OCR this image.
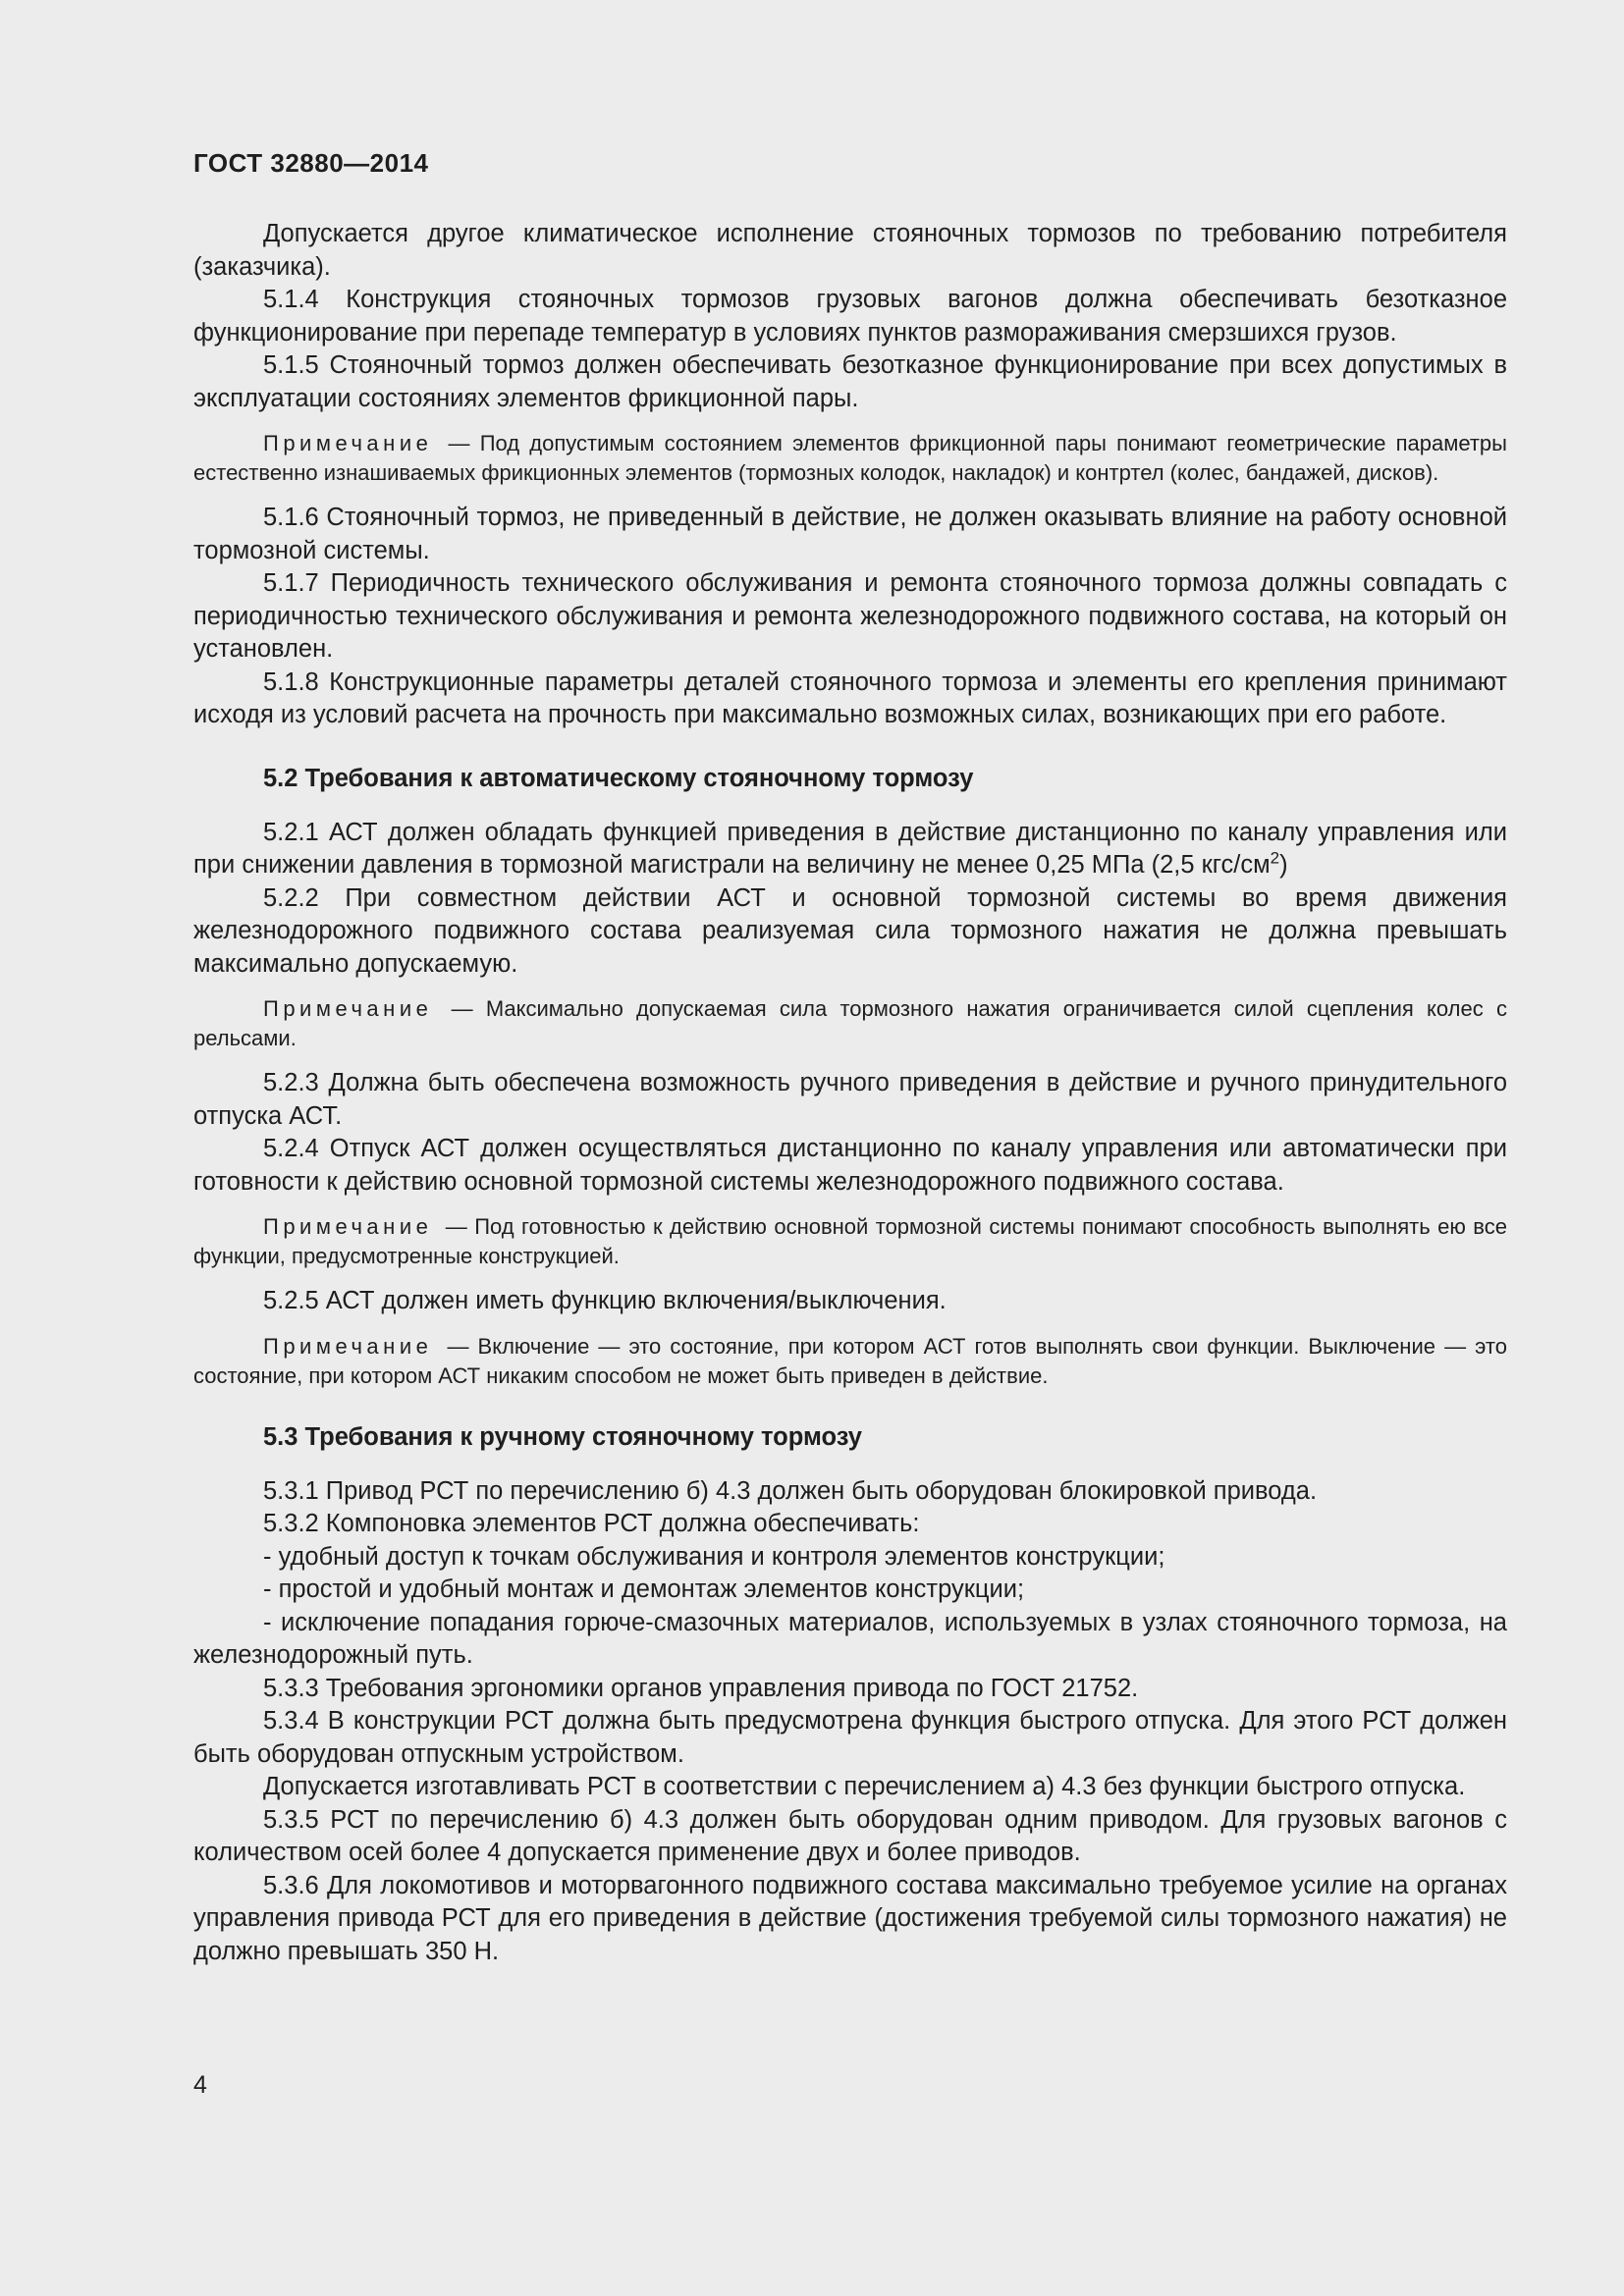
ГОСТ 32880—2014

Допускается другое климатическое исполнение стояночных тормозов по требованию потребителя (заказчика).

5.1.4 Конструкция стояночных тормозов грузовых вагонов должна обеспечивать безотказное функционирование при перепаде температур в условиях пунктов размораживания смерзшихся грузов.

5.1.5 Стояночный тормоз должен обеспечивать безотказное функционирование при всех допустимых в эксплуатации состояниях элементов фрикционной пары.

Примечание — Под допустимым состоянием элементов фрикционной пары понимают геометрические параметры естественно изнашиваемых фрикционных элементов (тормозных колодок, накладок) и контртел (колес, бандажей, дисков).

5.1.6 Стояночный тормоз, не приведенный в действие, не должен оказывать влияние на работу основной тормозной системы.

5.1.7 Периодичность технического обслуживания и ремонта стояночного тормоза должны совпадать с периодичностью технического обслуживания и ремонта железнодорожного подвижного состава, на который он установлен.

5.1.8 Конструкционные параметры деталей стояночного тормоза и элементы его крепления принимают исходя из условий расчета на прочность при максимально возможных силах, возникающих при его работе.

5.2 Требования к автоматическому стояночному тормозу

5.2.1 АСТ должен обладать функцией приведения в действие дистанционно по каналу управления или при снижении давления в тормозной магистрали на величину не менее 0,25 МПа (2,5 кгс/$см^2$)

5.2.2 При совместном действии АСТ и основной тормозной системы во время движения железнодорожного подвижного состава реализуемая сила тормозного нажатия не должна превышать максимально допускаемую.

Примечание — Максимально допускаемая сила тормозного нажатия ограничивается силой сцепления колес с рельсами.

5.2.3 Должна быть обеспечена возможность ручного приведения в действие и ручного принудительного отпуска АСТ.

5.2.4 Отпуск АСТ должен осуществляться дистанционно по каналу управления или автоматически при готовности к действию основной тормозной системы железнодорожного подвижного состава.

Примечание — Под готовностью к действию основной тормозной системы понимают способность выполнять ею все функции, предусмотренные конструкцией.

5.2.5 АСТ должен иметь функцию включения/выключения.

Примечание — Включение — это состояние, при котором АСТ готов выполнять свои функции. Выключение — это состояние, при котором АСТ никаким способом не может быть приведен в действие.

5.3 Требования к ручному стояночному тормозу

5.3.1 Привод РСТ по перечислению б) 4.3 должен быть оборудован блокировкой привода.

5.3.2 Компоновка элементов РСТ должна обеспечивать:

- удобный доступ к точкам обслуживания и контроля элементов конструкции;

- простой и удобный монтаж и демонтаж элементов конструкции;

- исключение попадания горюче-смазочных материалов, используемых в узлах стояночного тормоза, на железнодорожный путь.

5.3.3 Требования эргономики органов управления привода по ГОСТ 21752.

5.3.4 В конструкции РСТ должна быть предусмотрена функция быстрого отпуска. Для этого РСТ должен быть оборудован отпускным устройством.

Допускается изготавливать РСТ в соответствии с перечислением а) 4.3 без функции быстрого отпуска.

5.3.5 РСТ по перечислению б) 4.3 должен быть оборудован одним приводом. Для грузовых вагонов с количеством осей более 4 допускается применение двух и более приводов.

5.3.6 Для локомотивов и моторвагонного подвижного состава максимально требуемое усилие на органах управления привода РСТ для его приведения в действие (достижения требуемой силы тормозного нажатия) не должно превышать 350 Н.

4
